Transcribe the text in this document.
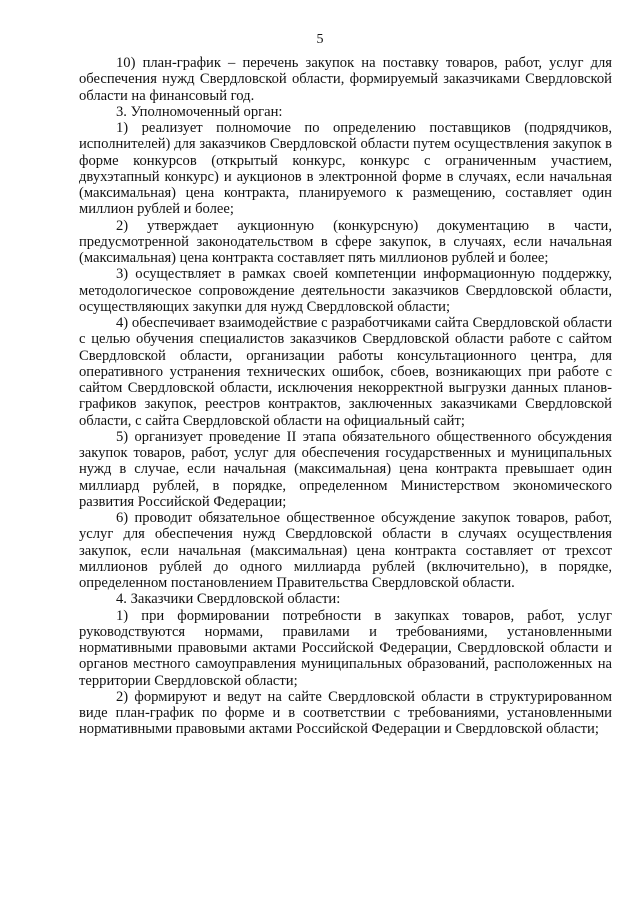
5

10) план-график – перечень закупок на поставку товаров, работ, услуг для обеспечения нужд Свердловской области, формируемый заказчиками Свердловской области на финансовый год.

3. Уполномоченный орган:

1) реализует полномочие по определению поставщиков (подрядчиков, исполнителей) для заказчиков Свердловской области путем осуществления закупок в форме конкурсов (открытый конкурс, конкурс с ограниченным участием, двухэтапный конкурс) и аукционов в электронной форме в случаях, если начальная (максимальная) цена контракта, планируемого к размещению, составляет один миллион рублей и более;

2) утверждает аукционную (конкурсную) документацию в части, предусмотренной законодательством в сфере закупок, в случаях, если начальная (максимальная) цена контракта составляет пять миллионов рублей и более;

3) осуществляет в рамках своей компетенции информационную поддержку, методологическое сопровождение деятельности заказчиков Свердловской области, осуществляющих закупки для нужд Свердловской области;

4) обеспечивает взаимодействие с разработчиками сайта Свердловской области с целью обучения специалистов заказчиков Свердловской области работе с сайтом Свердловской области, организации работы консультационного центра, для оперативного устранения технических ошибок, сбоев, возникающих при работе с сайтом Свердловской области, исключения некорректной выгрузки данных планов-графиков закупок, реестров контрактов, заключенных заказчиками Свердловской области, с сайта Свердловской области на официальный сайт;

5) организует проведение II этапа обязательного общественного обсуждения закупок товаров, работ, услуг для обеспечения государственных и муниципальных нужд в случае, если начальная (максимальная) цена контракта превышает один миллиард рублей, в порядке, определенном Министерством экономического развития Российской Федерации;

6) проводит обязательное общественное обсуждение закупок товаров, работ, услуг для обеспечения нужд Свердловской области в случаях осуществления закупок, если начальная (максимальная) цена контракта составляет от трехсот миллионов рублей до одного миллиарда рублей (включительно), в порядке, определенном постановлением Правительства Свердловской области.

4. Заказчики Свердловской области:

1) при формировании потребности в закупках товаров, работ, услуг руководствуются нормами, правилами и требованиями, установленными нормативными правовыми актами Российской Федерации, Свердловской области и органов местного самоуправления муниципальных образований, расположенных на территории Свердловской области;

2) формируют и ведут на сайте Свердловской области в структурированном виде план-график по форме и в соответствии с требованиями, установленными нормативными правовыми актами Российской Федерации и Свердловской области;
